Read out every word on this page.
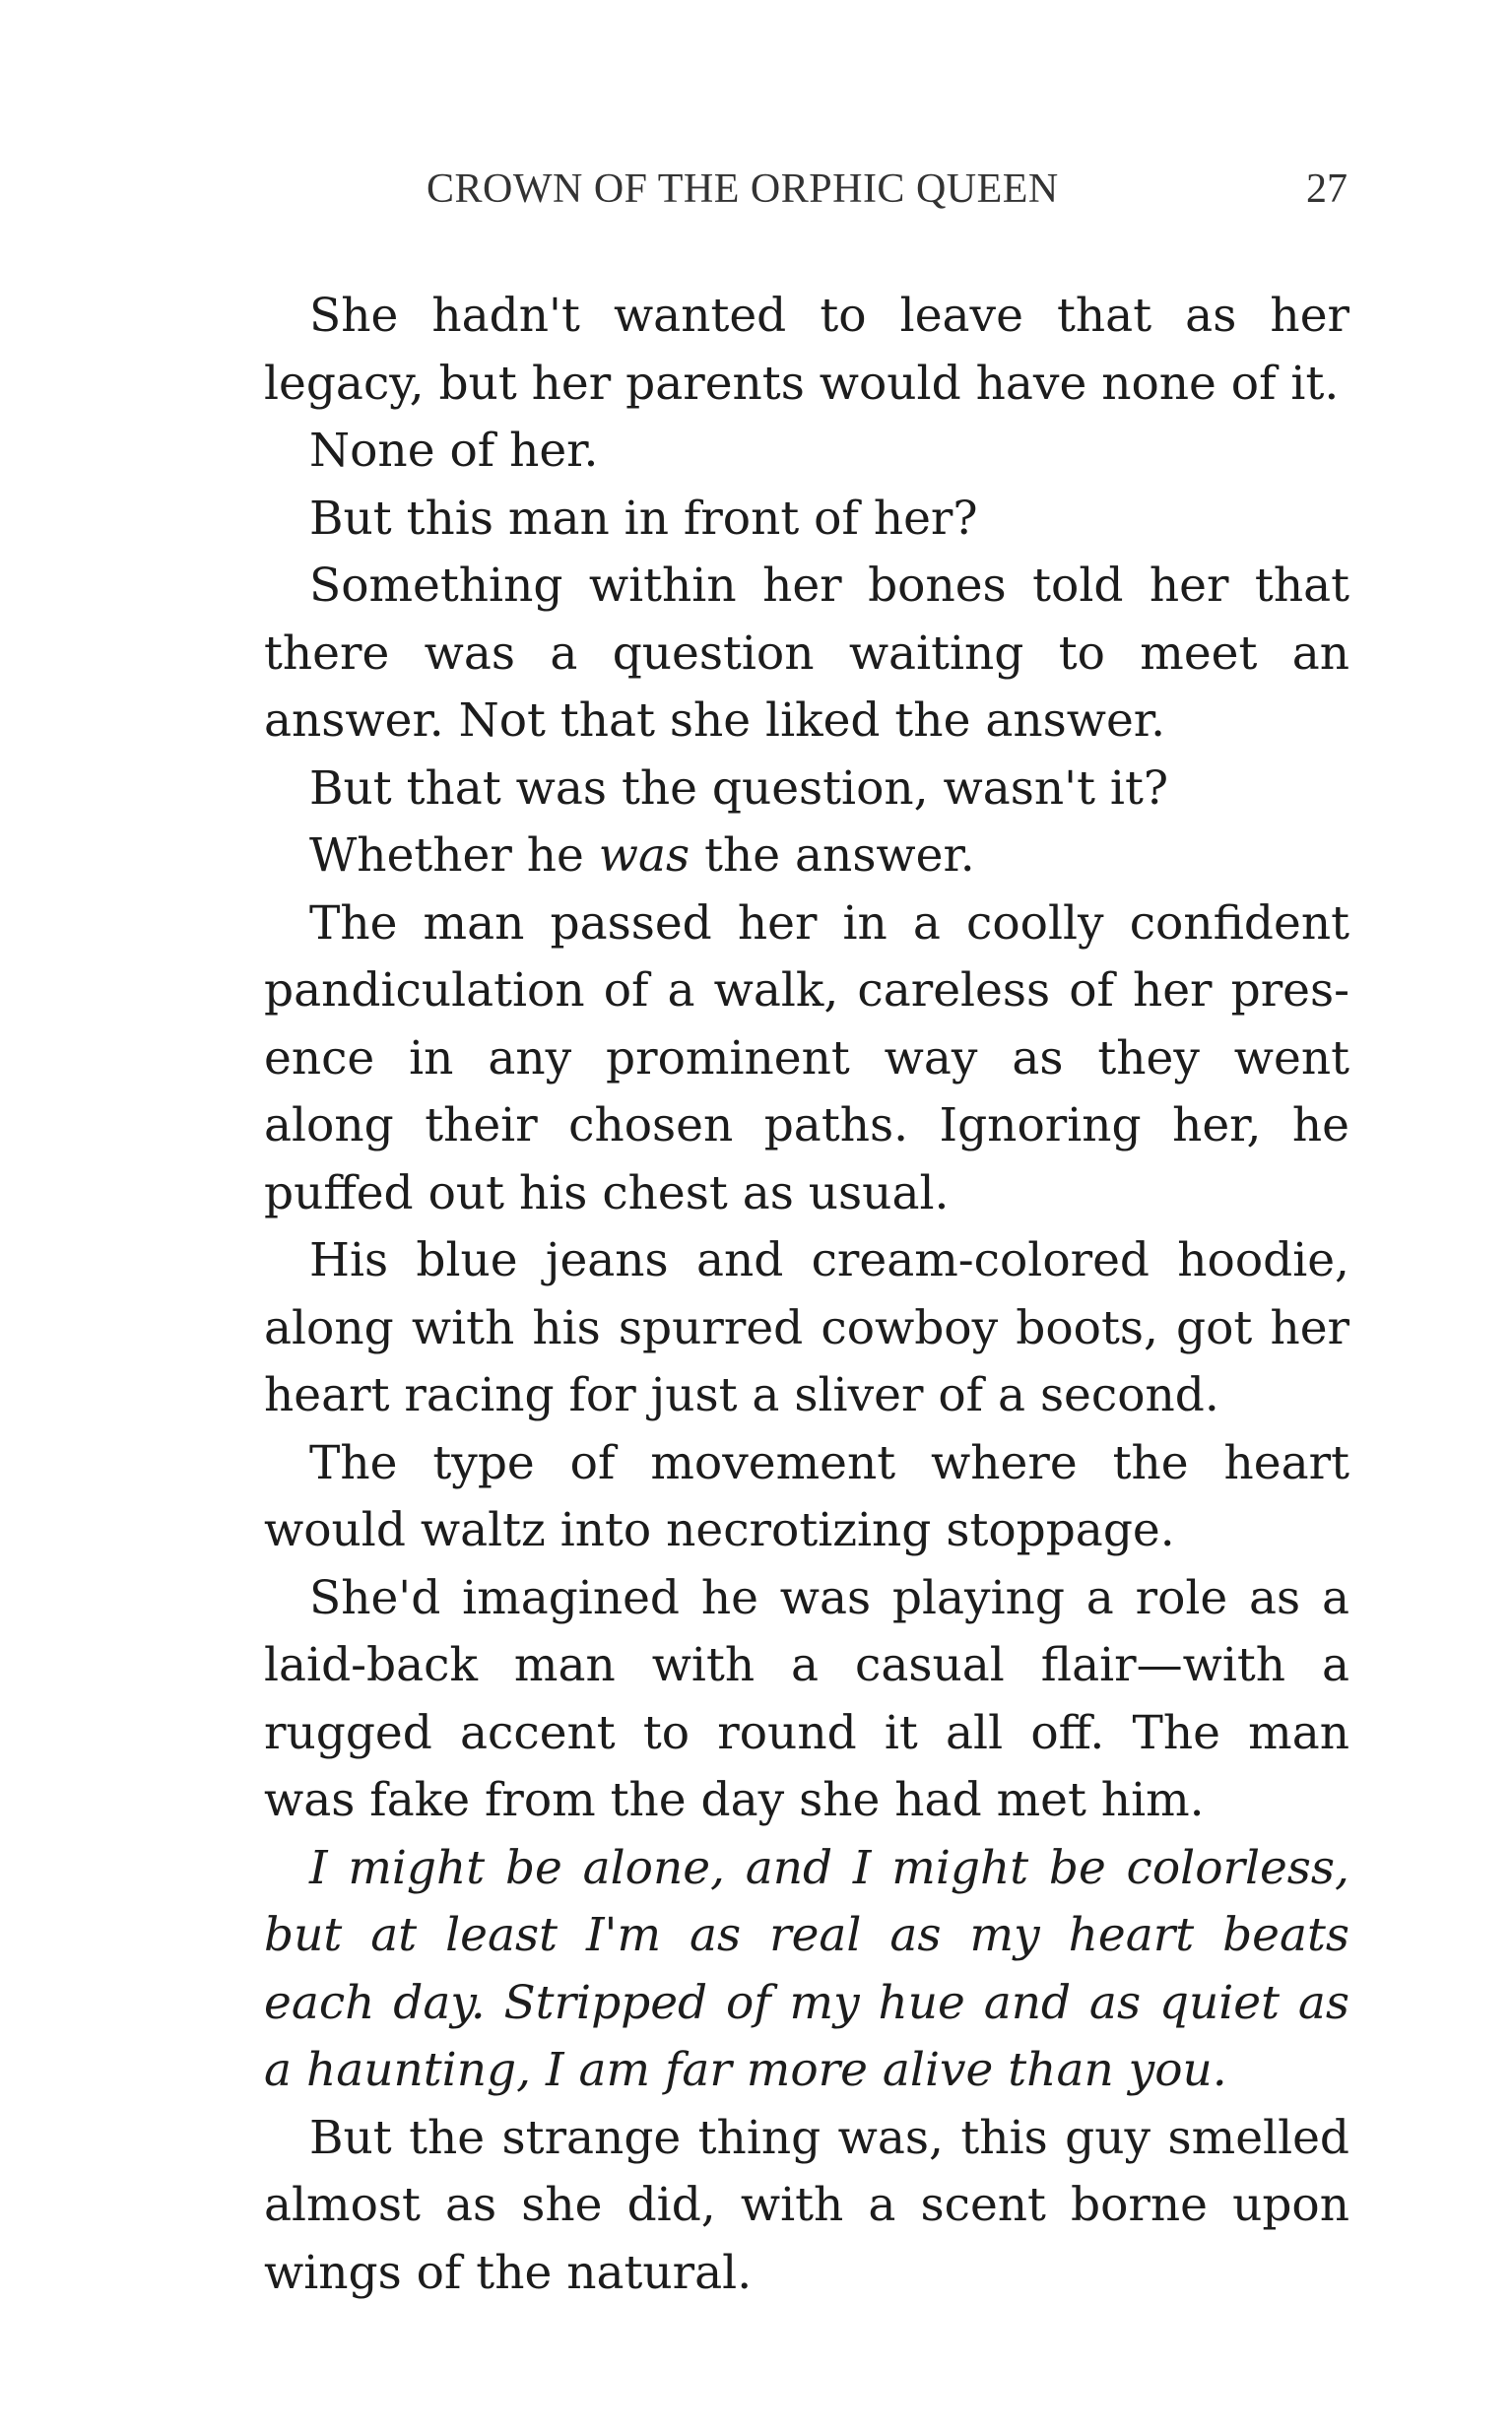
CROWN OF THE ORPHIC QUEEN	27

She hadn't wanted to leave that as her legacy, but her parents would have none of it.

None of her.

But this man in front of her?

Something within her bones told her that there was a question waiting to meet an answer. Not that she liked the answer.

But that was the question, wasn't it?

Whether he was the answer.

The man passed her in a coolly confident pandiculation of a walk, careless of her presence in any prominent way as they went along their chosen paths. Ignoring her, he puffed out his chest as usual.

His blue jeans and cream-colored hoodie, along with his spurred cowboy boots, got her heart racing for just a sliver of a second.

The type of movement where the heart would waltz into necrotizing stoppage.

She'd imagined he was playing a role as a laid-back man with a casual flair—with a rugged accent to round it all off. The man was fake from the day she had met him.

I might be alone, and I might be colorless, but at least I'm as real as my heart beats each day. Stripped of my hue and as quiet as a haunting, I am far more alive than you.

But the strange thing was, this guy smelled almost as she did, with a scent borne upon wings of the natural.
